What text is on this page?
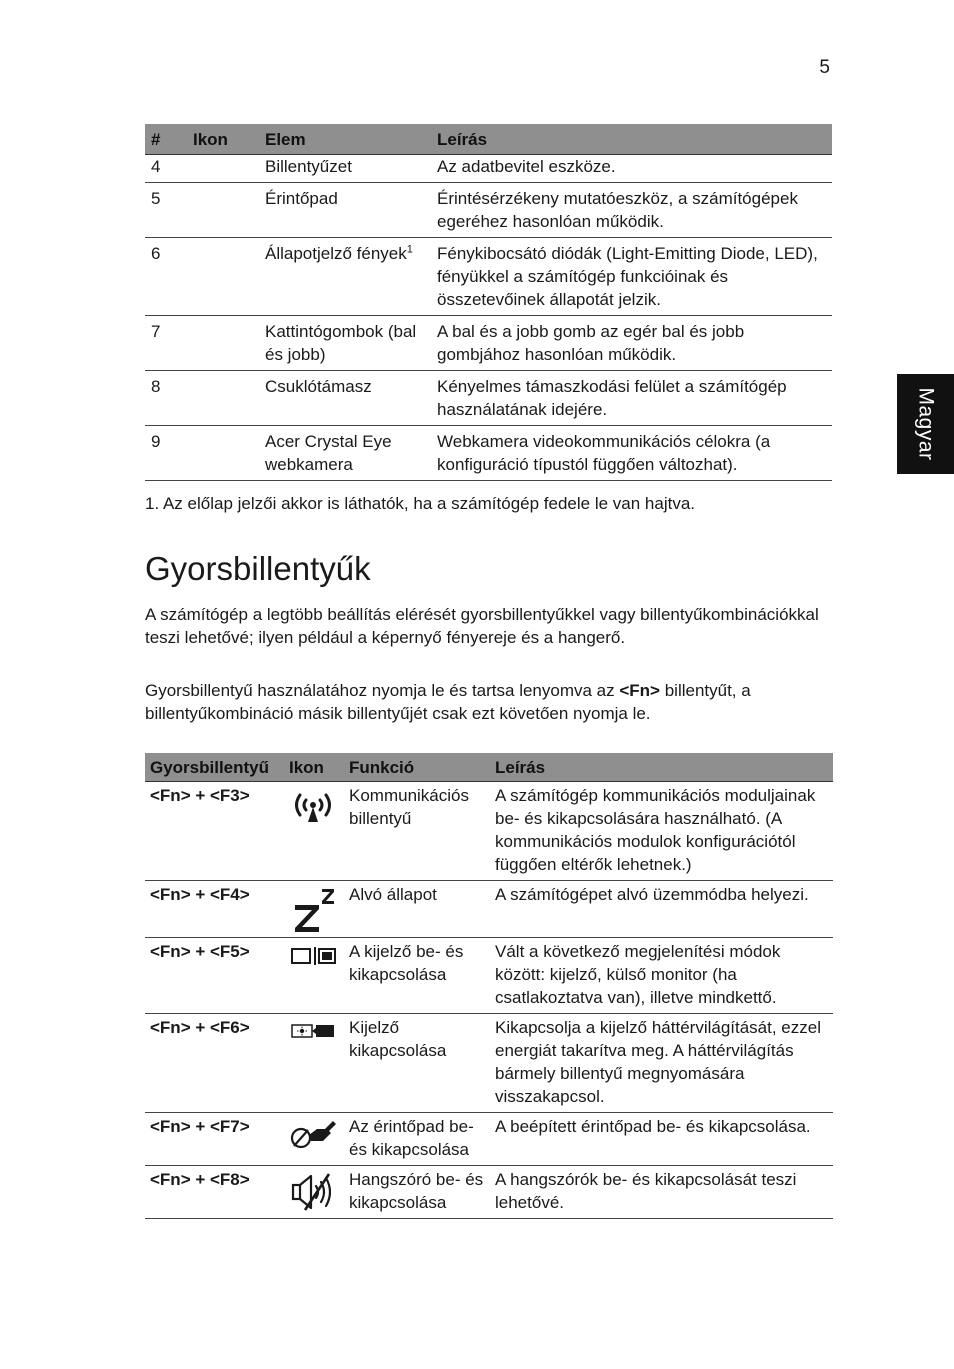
5
Magyar
#	Ikon	Elem	Leírás
4		Billentyűzet	Az adatbevitel eszköze.
5		Érintőpad	Érintésérzékeny mutatóeszköz, a számítógépek egeréhez hasonlóan működik.
6		Állapotjelző fények$^1$	Fénykibocsátó diódák (Light-Emitting Diode, LED), fényükkel a számítógép funkcióinak és összetevőinek állapotát jelzik.
7		Kattintógombok (bal és jobb)	A bal és a jobb gomb az egér bal és jobb gombjához hasonlóan működik.
8		Csuklótámasz	Kényelmes támaszkodási felület a számítógép használatának idejére.
9		Acer Crystal Eye webkamera	Webkamera videokommunikációs célokra (a konfiguráció típustól függően változhat).
1. Az előlap jelzői akkor is láthatók, ha a számítógép fedele le van hajtva.
Gyorsbillentyűk

A számítógép a legtöbb beállítás elérését gyorsbillentyűkkel vagy billentyűkombinációkkal teszi lehetővé; ilyen például a képernyő fényereje és a hangerő.

Gyorsbillentyű használatához nyomja le és tartsa lenyomva az <Fn> billentyűt, a billentyűkombináció másik billentyűjét csak ezt követően nyomja le.

Gyorsbillentyű	Ikon	Funkció	Leírás
<Fn> + <F3>		Kommunikációs billentyű	A számítógép kommunikációs moduljainak be- és kikapcsolására használható. (A kommunikációs modulok konfigurációtól függően eltérők lehetnek.)
<Fn> + <F4>		Alvó állapot	A számítógépet alvó üzemmódba helyezi.
<Fn> + <F5>		A kijelző be- és kikapcsolása	Vált a következő megjelenítési módok között: kijelző, külső monitor (ha csatlakoztatva van), illetve mindkettő.
<Fn> + <F6>		Kijelző kikapcsolása	Kikapcsolja a kijelző háttérvilágítását, ezzel energiát takarítva meg. A háttérvilágítás bármely billentyű megnyomására visszakapcsol.
<Fn> + <F7>		Az érintőpad be- és kikapcsolása	A beépített érintőpad be- és kikapcsolása.
<Fn> + <F8>		Hangszóró be- és kikapcsolása	A hangszórók be- és kikapcsolását teszi lehetővé.
